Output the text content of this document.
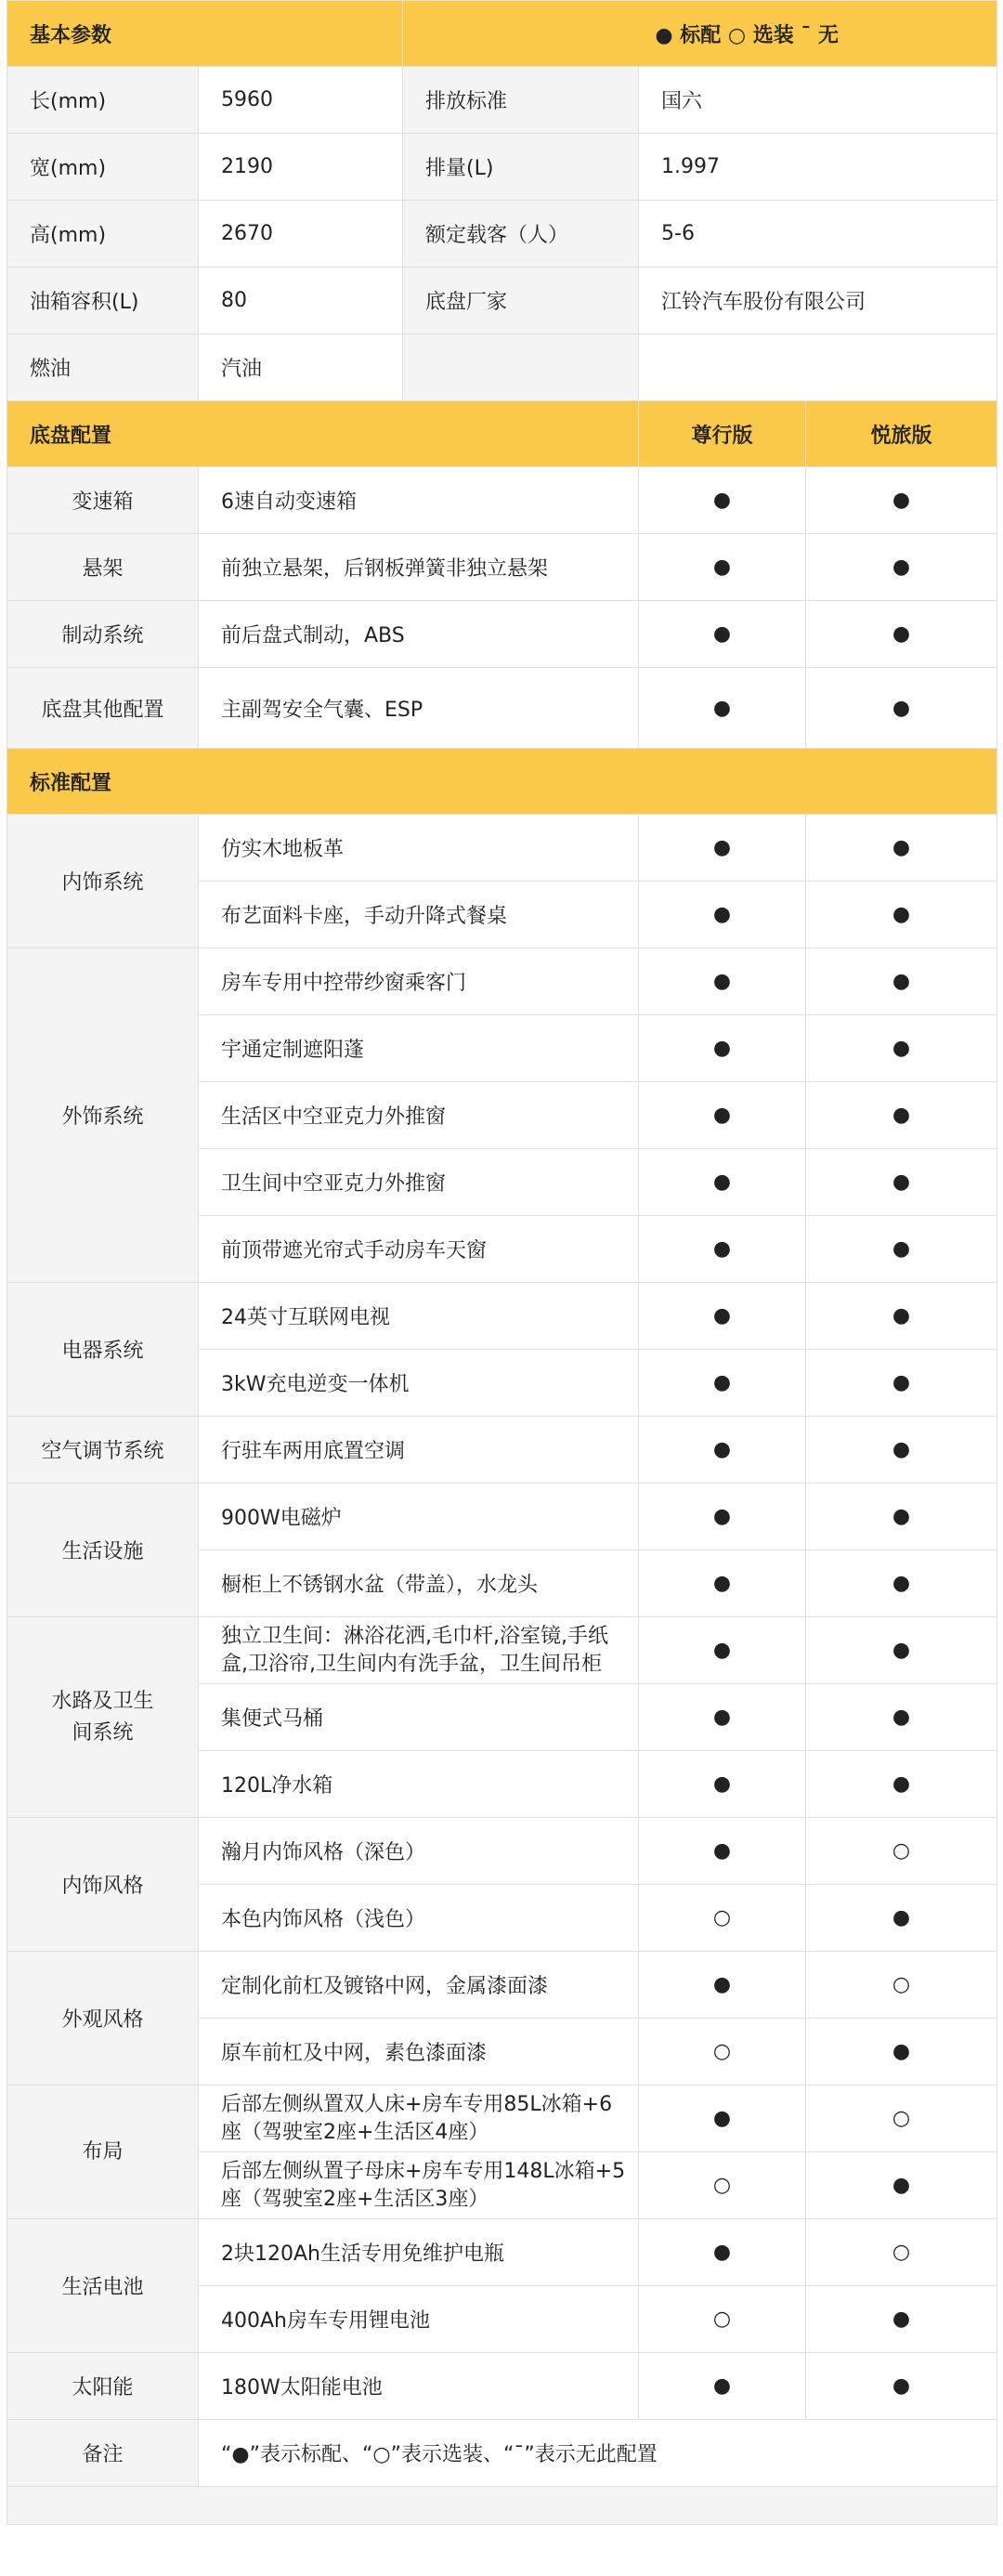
基本参数		● 标配 ○ 选装 ˉ 无		
长(mm)	5960	排放标准	国六	
宽(mm)	2190	排量(L)	1.997	
高(mm)	2670	额定载客（人）	5-6	
油箱容积(L)	80	底盘厂家	江铃汽车股份有限公司	
燃油	汽油			
底盘配置			尊行版	悦旅版
变速箱	6速自动变速箱		●	●
悬架	前独立悬架，后钢板弹簧非独立悬架		●	●
制动系统	前后盘式制动，ABS		●	●
底盘其他配置	主副驾安全气囊、ESP		●	●
标准配置				
内饰系统	仿实木地板革		●	●
	布艺面料卡座，手动升降式餐桌		●	●
外饰系统	房车专用中控带纱窗乘客门		●	●
	宇通定制遮阳蓬		●	●
	生活区中空亚克力外推窗		●	●
	卫生间中空亚克力外推窗		●	●
	前顶带遮光帘式手动房车天窗		●	●
电器系统	24英寸互联网电视		●	●
	3kW充电逆变一体机		●	●
空气调节系统	行驻车两用底置空调		●	●
生活设施	900W电磁炉		●	●
	橱柜上不锈钢水盆（带盖），水龙头		●	●
水路及卫生间系统	独立卫生间：淋浴花洒,毛巾杆,浴室镜,手纸盒,卫浴帘,卫生间内有洗手盆，卫生间吊柜		●	●
	集便式马桶		●	●
	120L净水箱		●	●
内饰风格	瀚月内饰风格（深色）		●	○
	本色内饰风格（浅色）		○	●
外观风格	定制化前杠及镀铬中网，金属漆面漆		●	○
	原车前杠及中网，素色漆面漆		○	●
布局	后部左侧纵置双人床+房车专用85L冰箱+6座（驾驶室2座+生活区4座）		●	○
	后部左侧纵置子母床+房车专用148L冰箱+5座（驾驶室2座+生活区3座）		○	●
生活电池	2块120Ah生活专用免维护电瓶		●	○
	400Ah房车专用锂电池		○	●
太阳能	180W太阳能电池		●	●
备注	“●”表示标配、“○”表示选装、“ˉ”表示无此配置			
